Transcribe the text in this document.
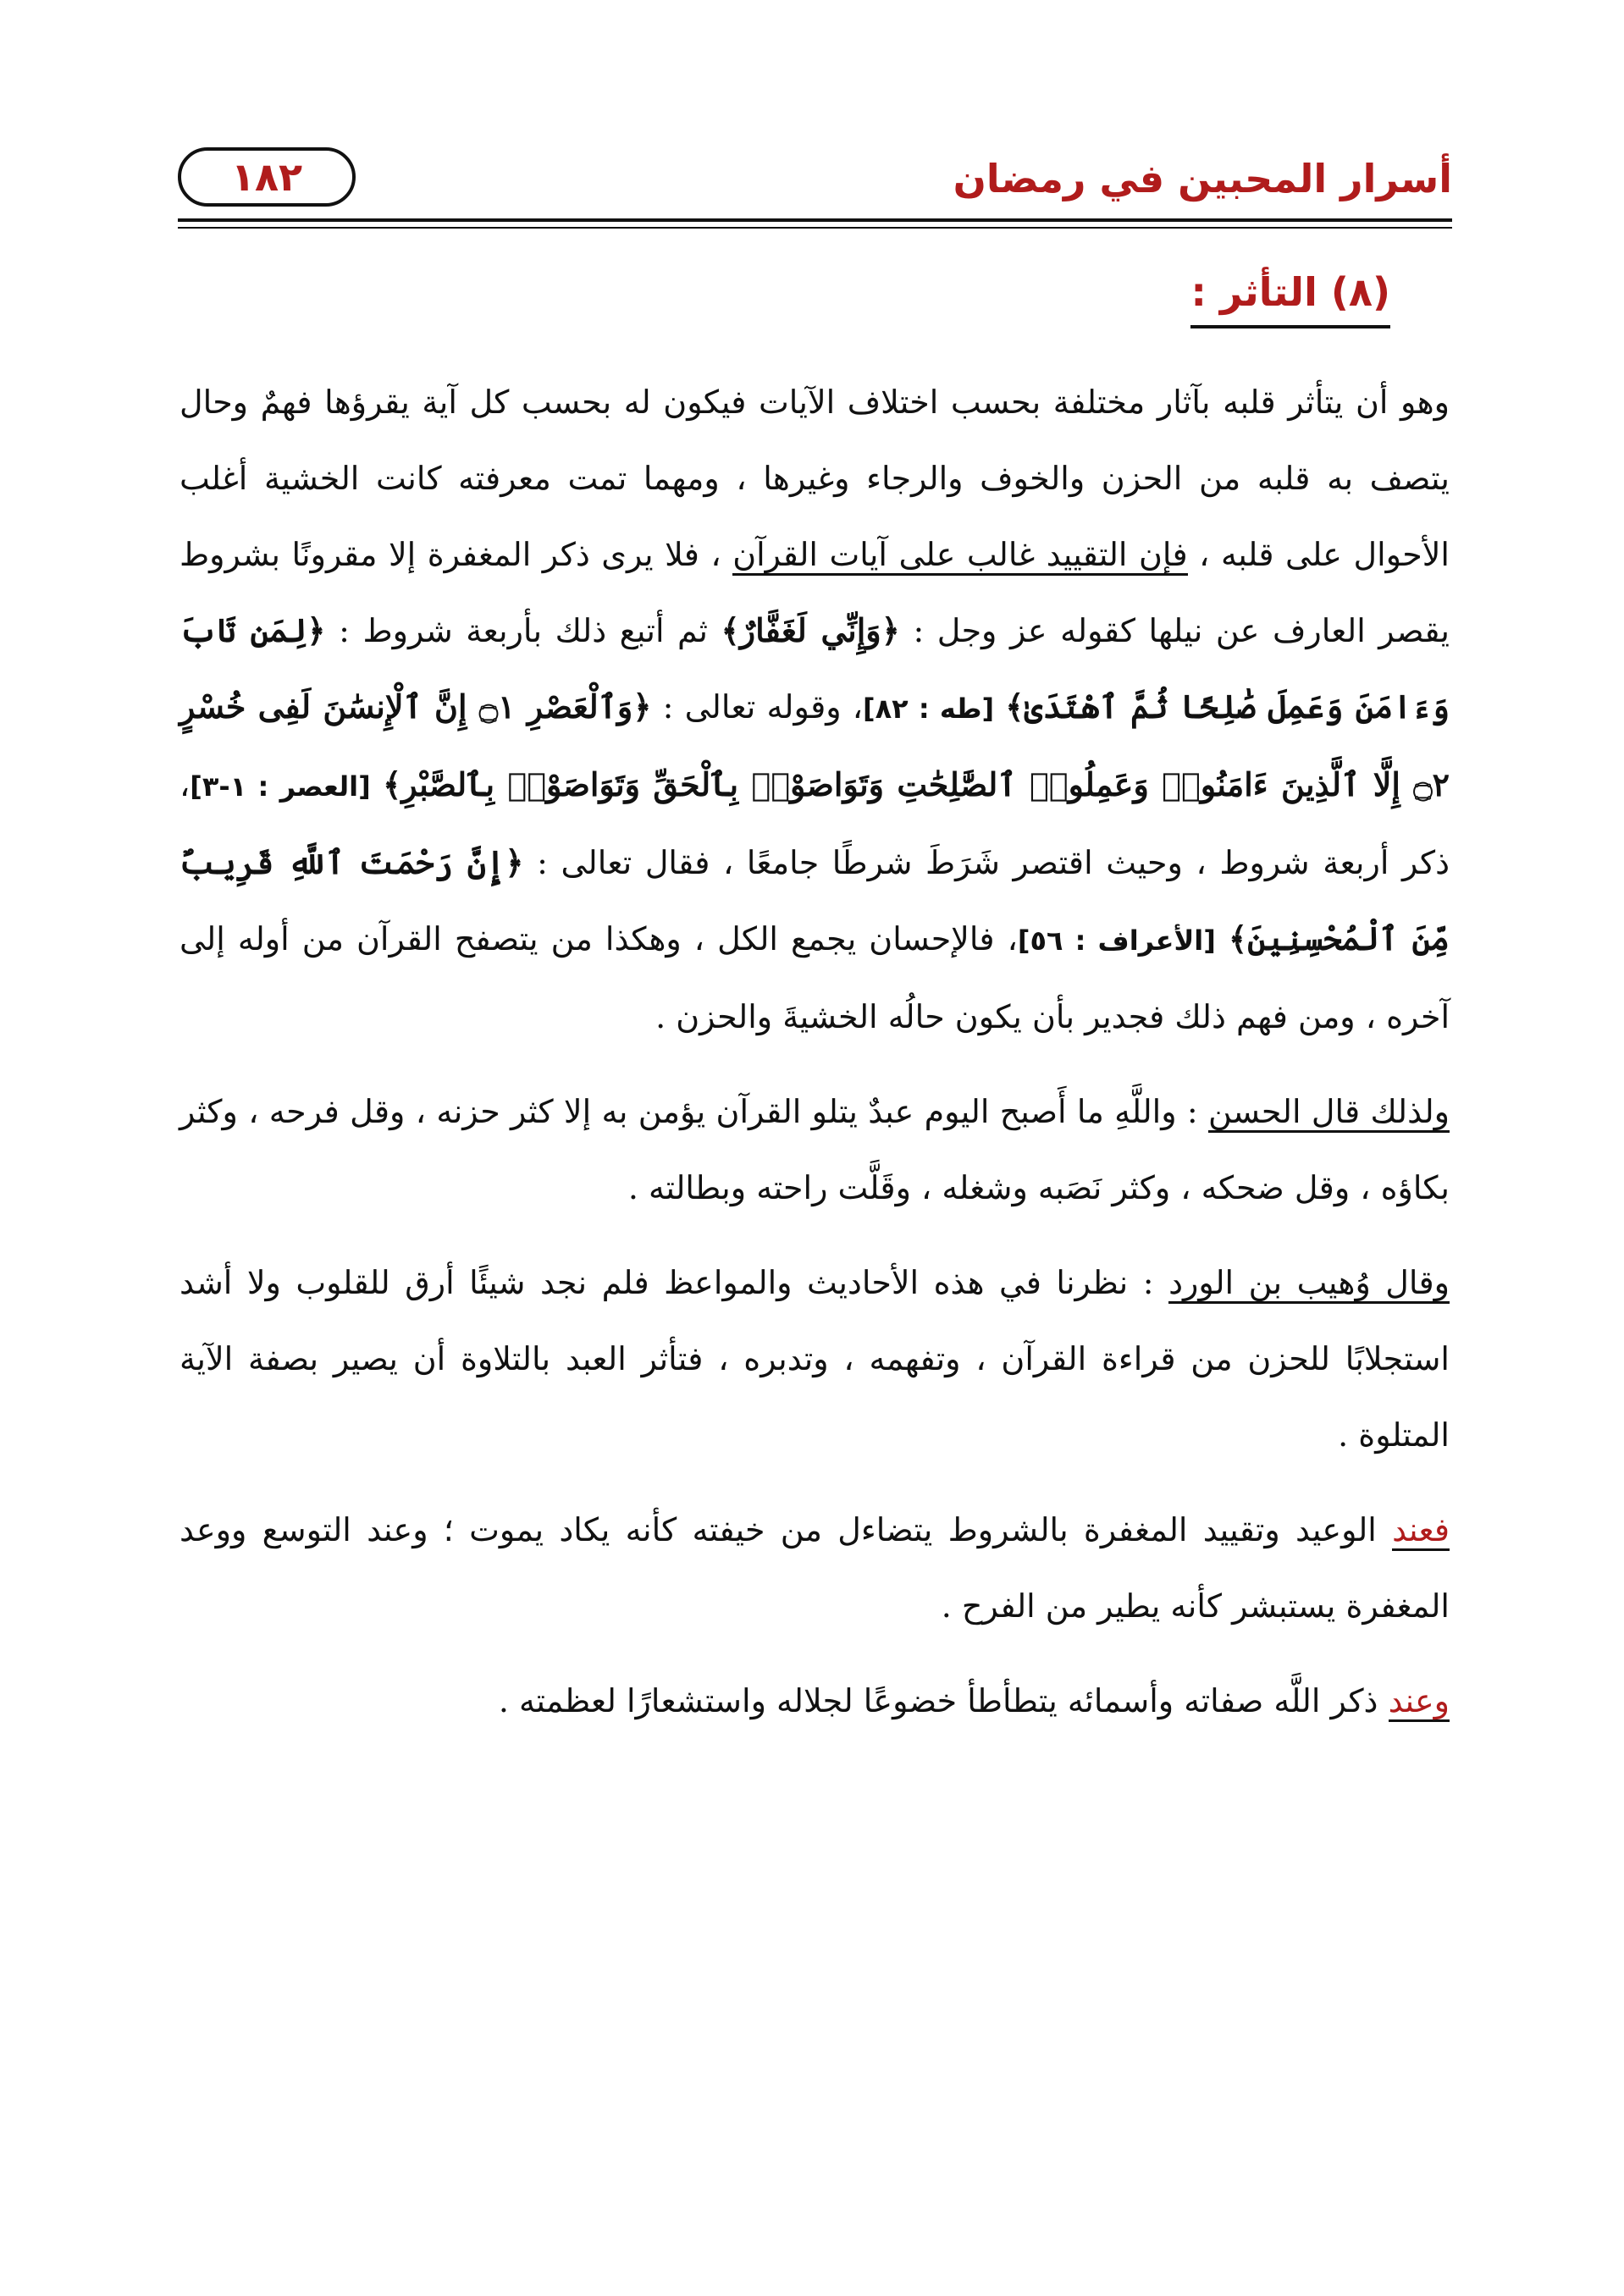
أسرار المحبين في رمضان
١٨٢
(٨) التأثر :
وهو أن يتأثر قلبه بآثار مختلفة بحسب اختلاف الآيات فيكون له بحسب كل آية يقرؤها فهمٌ وحال يتصف به قلبه من الحزن والخوف والرجاء وغيرها ، ومهما تمت معرفته كانت الخشية أغلب الأحوال على قلبه ، فإن التقييد غالب على آيات القرآن ، فلا يرى ذكر المغفرة إلا مقرونًا بشروط يقصر العارف عن نيلها كقوله عز وجل : ﴿وَإِنِّي لَغَفَّارٌ﴾ ثم أتبع ذلك بأربعة شروط : ﴿لِمَن تَابَ وَءَامَنَ وَعَمِلَ صَٰلِحًا ثُمَّ ٱهْتَدَىٰ﴾ [طه : ٨٢]، وقوله تعالى : ﴿وَٱلْعَصْرِ ۝١ إِنَّ ٱلْإِنسَٰنَ لَفِى خُسْرٍ ۝٢ إِلَّا ٱلَّذِينَ ءَامَنُوا۟ وَعَمِلُوا۟ ٱلصَّٰلِحَٰتِ وَتَوَاصَوْا۟ بِٱلْحَقِّ وَتَوَاصَوْا۟ بِٱلصَّبْرِ﴾ [العصر : ١-٣]، ذكر أربعة شروط ، وحيث اقتصر شَرَطَ شرطًا جامعًا ، فقال تعالى : ﴿إِنَّ رَحْمَتَ ٱللَّهِ قَرِيبٌ مِّنَ ٱلْمُحْسِنِينَ﴾ [الأعراف : ٥٦]، فالإحسان يجمع الكل ، وهكذا من يتصفح القرآن من أوله إلى آخره ، ومن فهم ذلك فجدير بأن يكون حالُه الخشيةَ والحزن .
ولذلك قال الحسن : واللَّهِ ما أَصبح اليوم عبدٌ يتلو القرآن يؤمن به إلا كثر حزنه ، وقل فرحه ، وكثر بكاؤه ، وقل ضحكه ، وكثر نَصَبه وشغله ، وقَلَّت راحته وبطالته .
وقال وُهيب بن الورد : نظرنا في هذه الأحاديث والمواعظ فلم نجد شيئًا أرق للقلوب ولا أشد استجلابًا للحزن من قراءة القرآن ، وتفهمه ، وتدبره ، فتأثر العبد بالتلاوة أن يصير بصفة الآية المتلوة .
فعند الوعيد وتقييد المغفرة بالشروط يتضاءل من خيفته كأنه يكاد يموت ؛ وعند التوسع ووعد المغفرة يستبشر كأنه يطير من الفرح .
وعند ذكر اللَّه صفاته وأسمائه يتطأطأ خضوعًا لجلاله واستشعارًا لعظمته .
